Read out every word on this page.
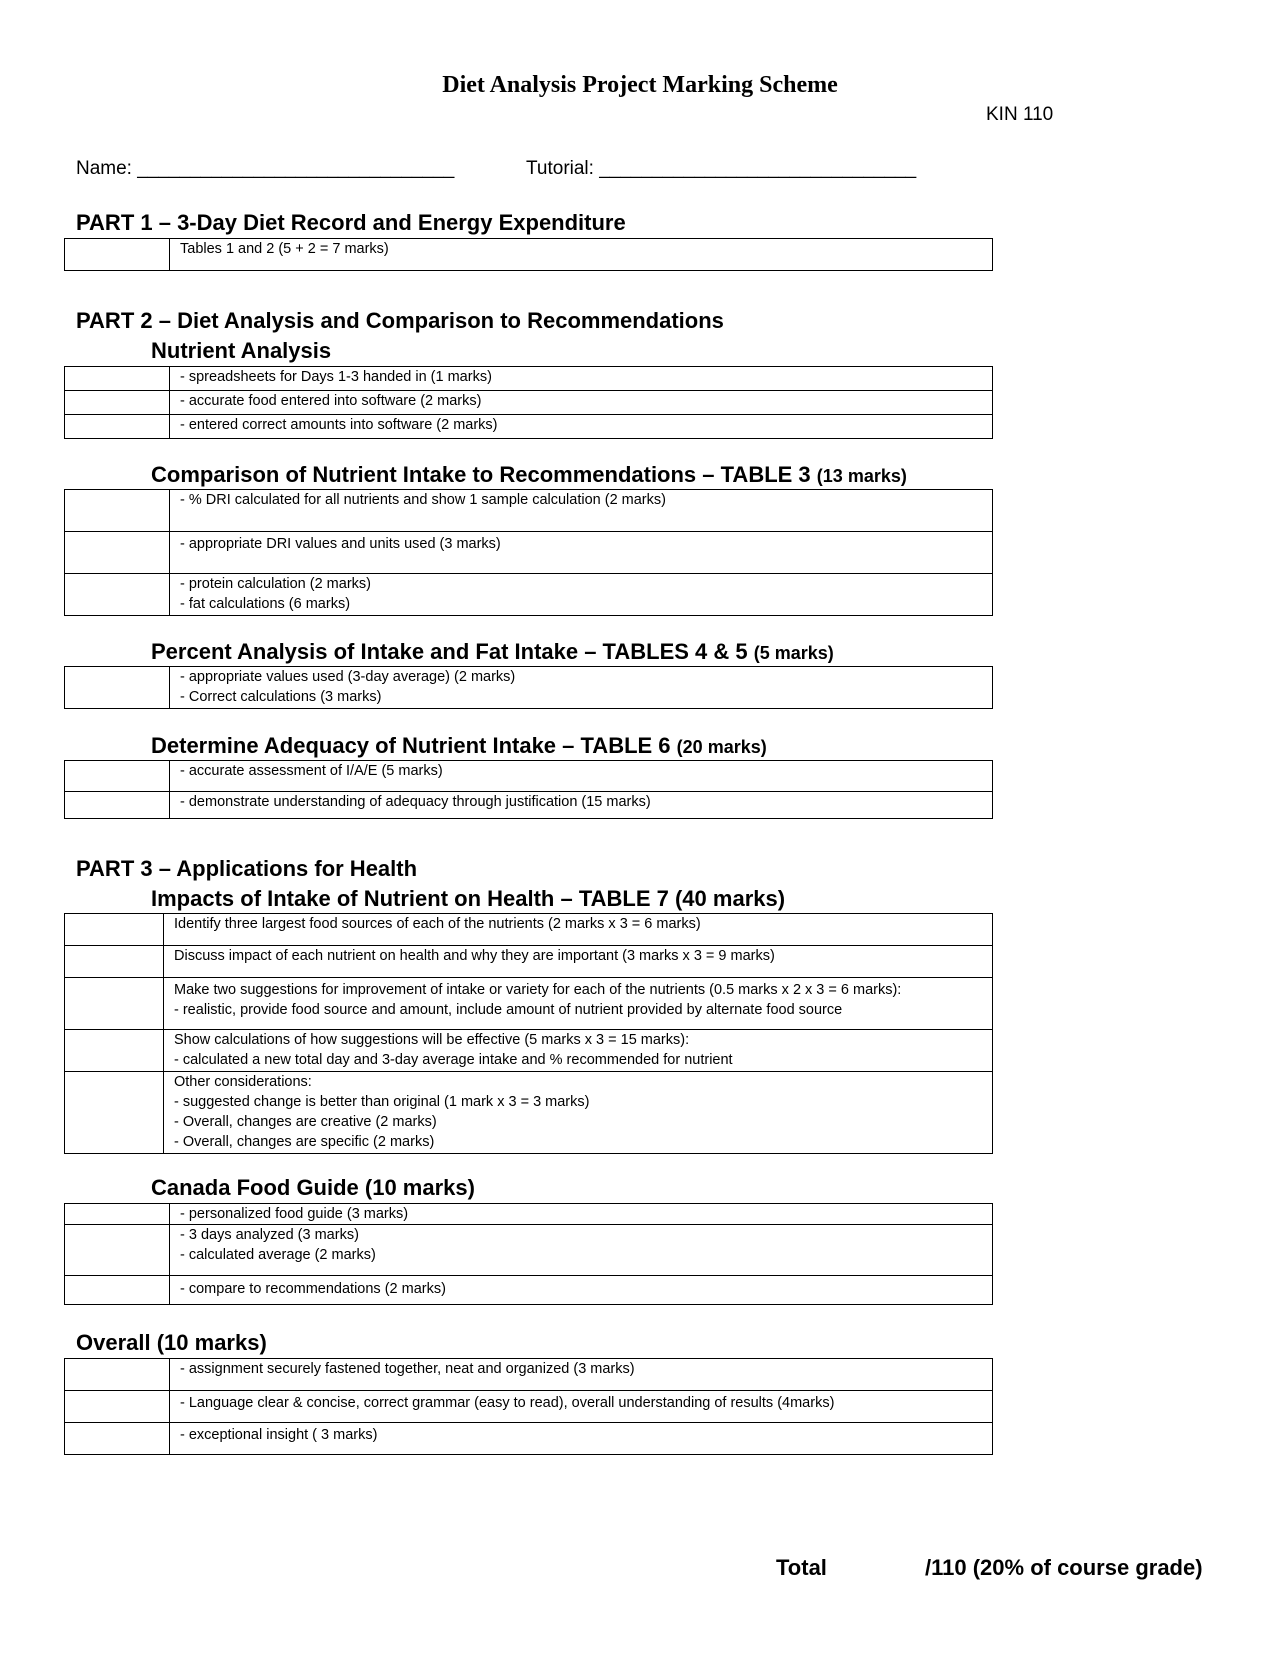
Diet Analysis Project Marking Scheme
KIN 110
Name: ______________________________	Tutorial: ______________________________
PART 1 – 3-Day Diet Record and Energy Expenditure
	Tables 1 and 2 (5 + 2 = 7 marks)
PART 2 – Diet Analysis and Comparison to Recommendations
Nutrient Analysis
	- spreadsheets for Days 1-3 handed in (1 marks)
	- accurate food entered into software (2 marks)
	- entered correct amounts into software (2 marks)
Comparison of Nutrient Intake to Recommendations – TABLE 3 (13 marks)
	- % DRI calculated for all nutrients and show 1 sample calculation (2 marks)
	- appropriate DRI values and units used (3 marks)

	- protein calculation (2 marks)
- fat calculations (6 marks)
Percent Analysis of Intake and Fat Intake – TABLES 4 & 5 (5 marks)

- appropriate values used (3-day average) (2 marks)
- Correct calculations (3 marks)
Determine Adequacy of Nutrient Intake – TABLE 6 (20 marks)
	- accurate assessment of I/A/E (5 marks)
	- demonstrate understanding of adequacy through justification (15 marks)
PART 3 – Applications for Health
Impacts of Intake of Nutrient on Health – TABLE 7 (40 marks)
	Identify three largest food sources of each of the nutrients (2 marks x 3 = 6 marks)
	Discuss impact of each nutrient on health and why they are important (3 marks x 3 = 9 marks)

	Make two suggestions for improvement of intake or variety for each of the nutrients (0.5 marks x 2 x 3 = 6 marks):
- realistic, provide food source and amount, include amount of nutrient provided by alternate food source

	Show calculations of how suggestions will be effective (5 marks x 3 = 15 marks):
- calculated a new total day and 3-day average intake and % recommended for nutrient

	Other considerations:
- suggested change is better than original (1 mark x 3 = 3 marks)
- Overall, changes are creative (2 marks)
- Overall, changes are specific (2 marks)
Canada Food Guide (10 marks)
	- personalized food guide (3 marks)

	- 3 days analyzed (3 marks)
- calculated average (2 marks)

	- compare to recommendations (2 marks)
Overall (10 marks)
	- assignment securely fastened together, neat and organized (3 marks)
	- Language clear & concise, correct grammar (easy to read), overall understanding of results (4marks)
	- exceptional insight ( 3 marks)
Total	/110 (20% of course grade)
